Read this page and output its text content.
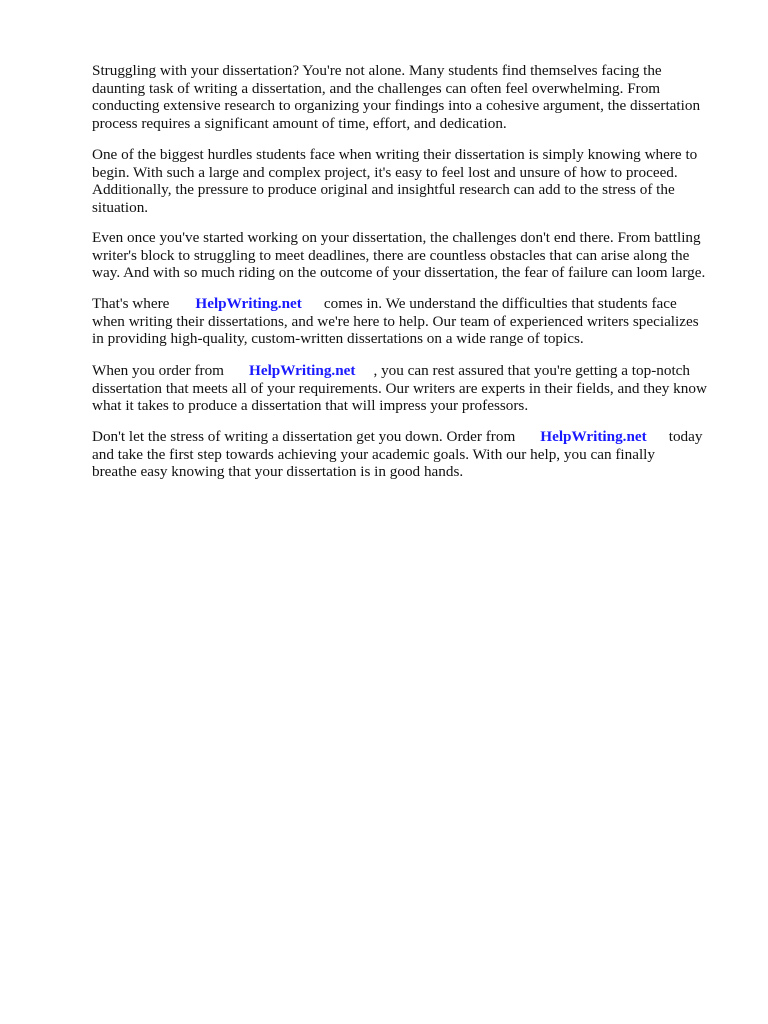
Struggling with your dissertation? You're not alone. Many students find themselves facing the
daunting task of writing a dissertation, and the challenges can often feel overwhelming. From
conducting extensive research to organizing your findings into a cohesive argument, the dissertation
process requires a significant amount of time, effort, and dedication.
One of the biggest hurdles students face when writing their dissertation is simply knowing where to
begin. With such a large and complex project, it's easy to feel lost and unsure of how to proceed.
Additionally, the pressure to produce original and insightful research can add to the stress of the
situation.
Even once you've started working on your dissertation, the challenges don't end there. From battling
writer's block to struggling to meet deadlines, there are countless obstacles that can arise along the
way. And with so much riding on the outcome of your dissertation, the fear of failure can loom large.
That's where HelpWriting.net comes in. We understand the difficulties that students face
when writing their dissertations, and we're here to help. Our team of experienced writers specializes
in providing high-quality, custom-written dissertations on a wide range of topics.
When you order from HelpWriting.net , you can rest assured that you're getting a top-notch
dissertation that meets all of your requirements. Our writers are experts in their fields, and they know
what it takes to produce a dissertation that will impress your professors.
Don't let the stress of writing a dissertation get you down. Order from HelpWriting.net today
and take the first step towards achieving your academic goals. With our help, you can finally
breathe easy knowing that your dissertation is in good hands.
